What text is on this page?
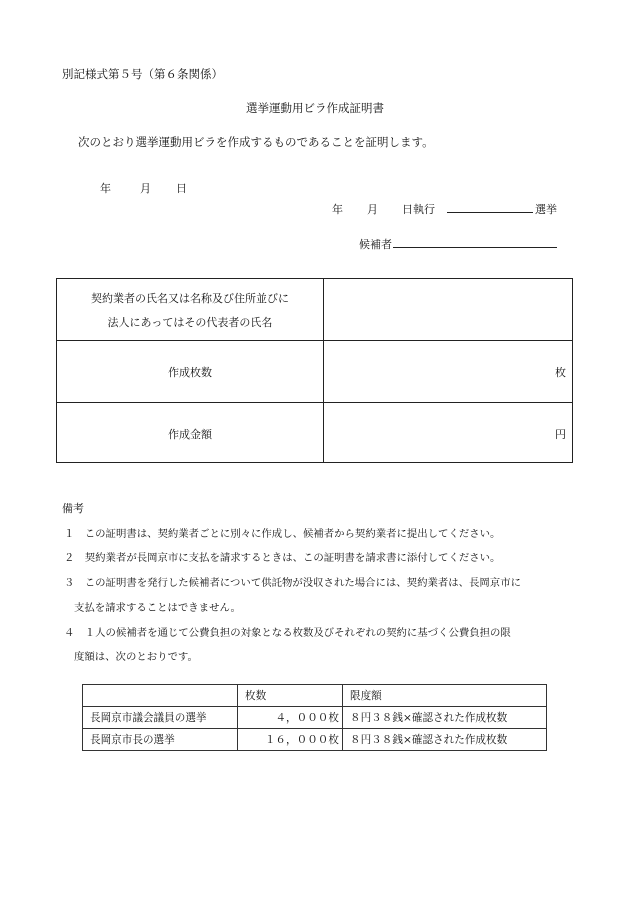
別記様式第５号（第６条関係）
選挙運動用ビラ作成証明書
次のとおり選挙運動用ビラを作成するものであることを証明します。
年	月 日
年 月 日執行	選挙
候補者
契約業者の氏名又は名称及び住所並びに
法人にあってはその代表者の氏名
作成枚数	枚
作成金額	円
備考
１　この証明書は、契約業者ごとに別々に作成し、候補者から契約業者に提出してください。
２　契約業者が長岡京市に支払を請求するときは、この証明書を請求書に添付してください。
３　この証明書を発行した候補者について供託物が没収された場合には、契約業者は、長岡京市に
支払を請求することはできません。
４　１人の候補者を通じて公費負担の対象となる枚数及びそれぞれの契約に基づく公費負担の限
度額は、次のとおりです。
	枚数	限度額
長岡京市議会議員の選挙	４，０００枚	８円３８銭×確認された作成枚数
長岡京市長の選挙	１６，０００枚	８円３８銭×確認された作成枚数
